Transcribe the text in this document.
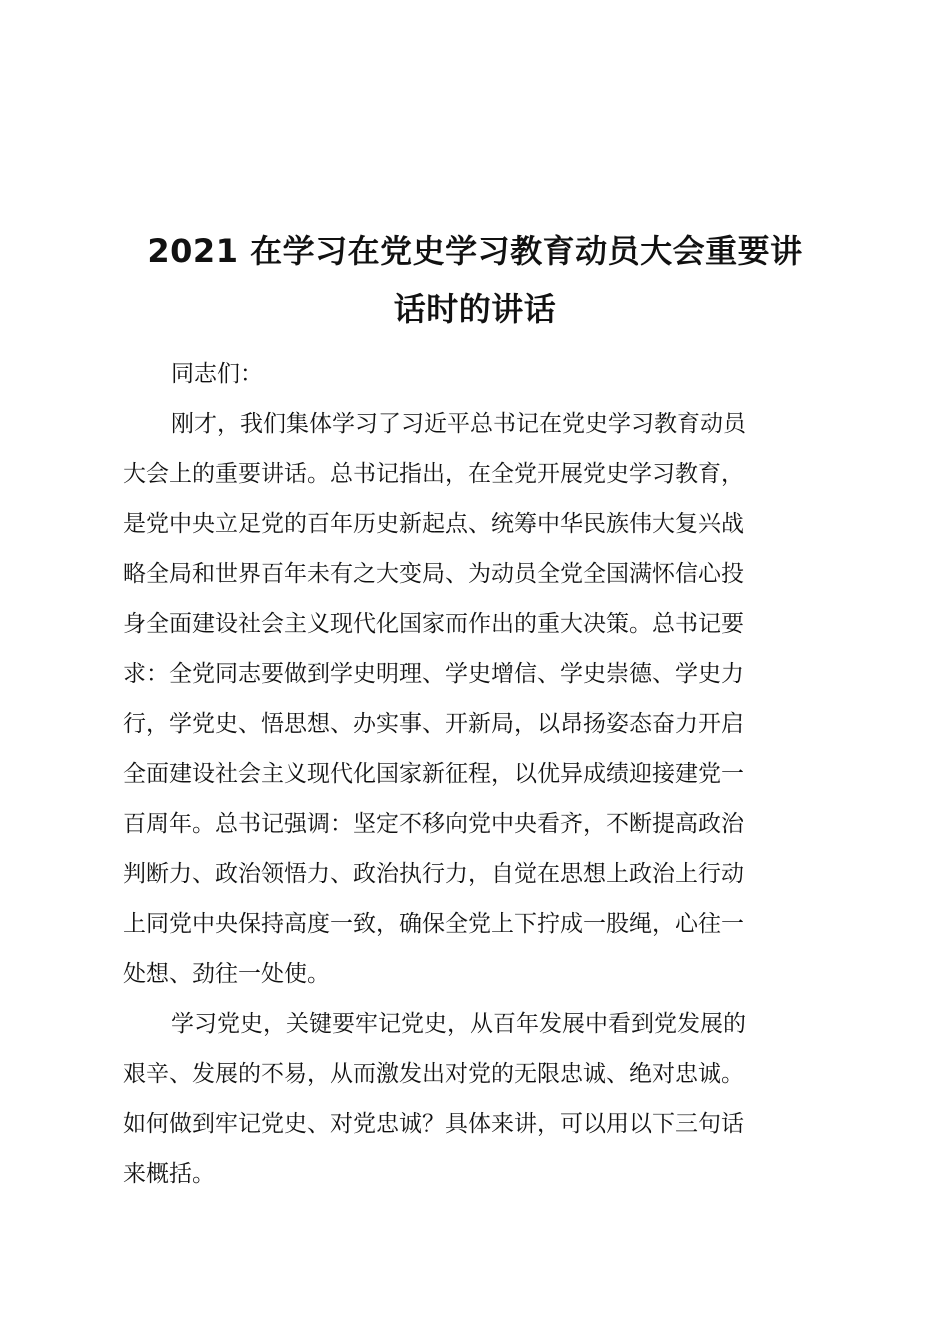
2021 在学习在党史学习教育动员大会重要讲
话时的讲话
同志们：
刚才，我们集体学习了习近平总书记在党史学习教育动员
大会上的重要讲话。总书记指出，在全党开展党史学习教育，
是党中央立足党的百年历史新起点、统筹中华民族伟大复兴战
略全局和世界百年未有之大变局、为动员全党全国满怀信心投
身全面建设社会主义现代化国家而作出的重大决策。总书记要
求：全党同志要做到学史明理、学史增信、学史崇德、学史力
行，学党史、悟思想、办实事、开新局，以昂扬姿态奋力开启
全面建设社会主义现代化国家新征程，以优异成绩迎接建党一
百周年。总书记强调：坚定不移向党中央看齐，不断提高政治
判断力、政治领悟力、政治执行力，自觉在思想上政治上行动
上同党中央保持高度一致，确保全党上下拧成一股绳，心往一
处想、劲往一处使。
学习党史，关键要牢记党史，从百年发展中看到党发展的
艰辛、发展的不易，从而激发出对党的无限忠诚、绝对忠诚。
如何做到牢记党史、对党忠诚？具体来讲，可以用以下三句话
来概括。
